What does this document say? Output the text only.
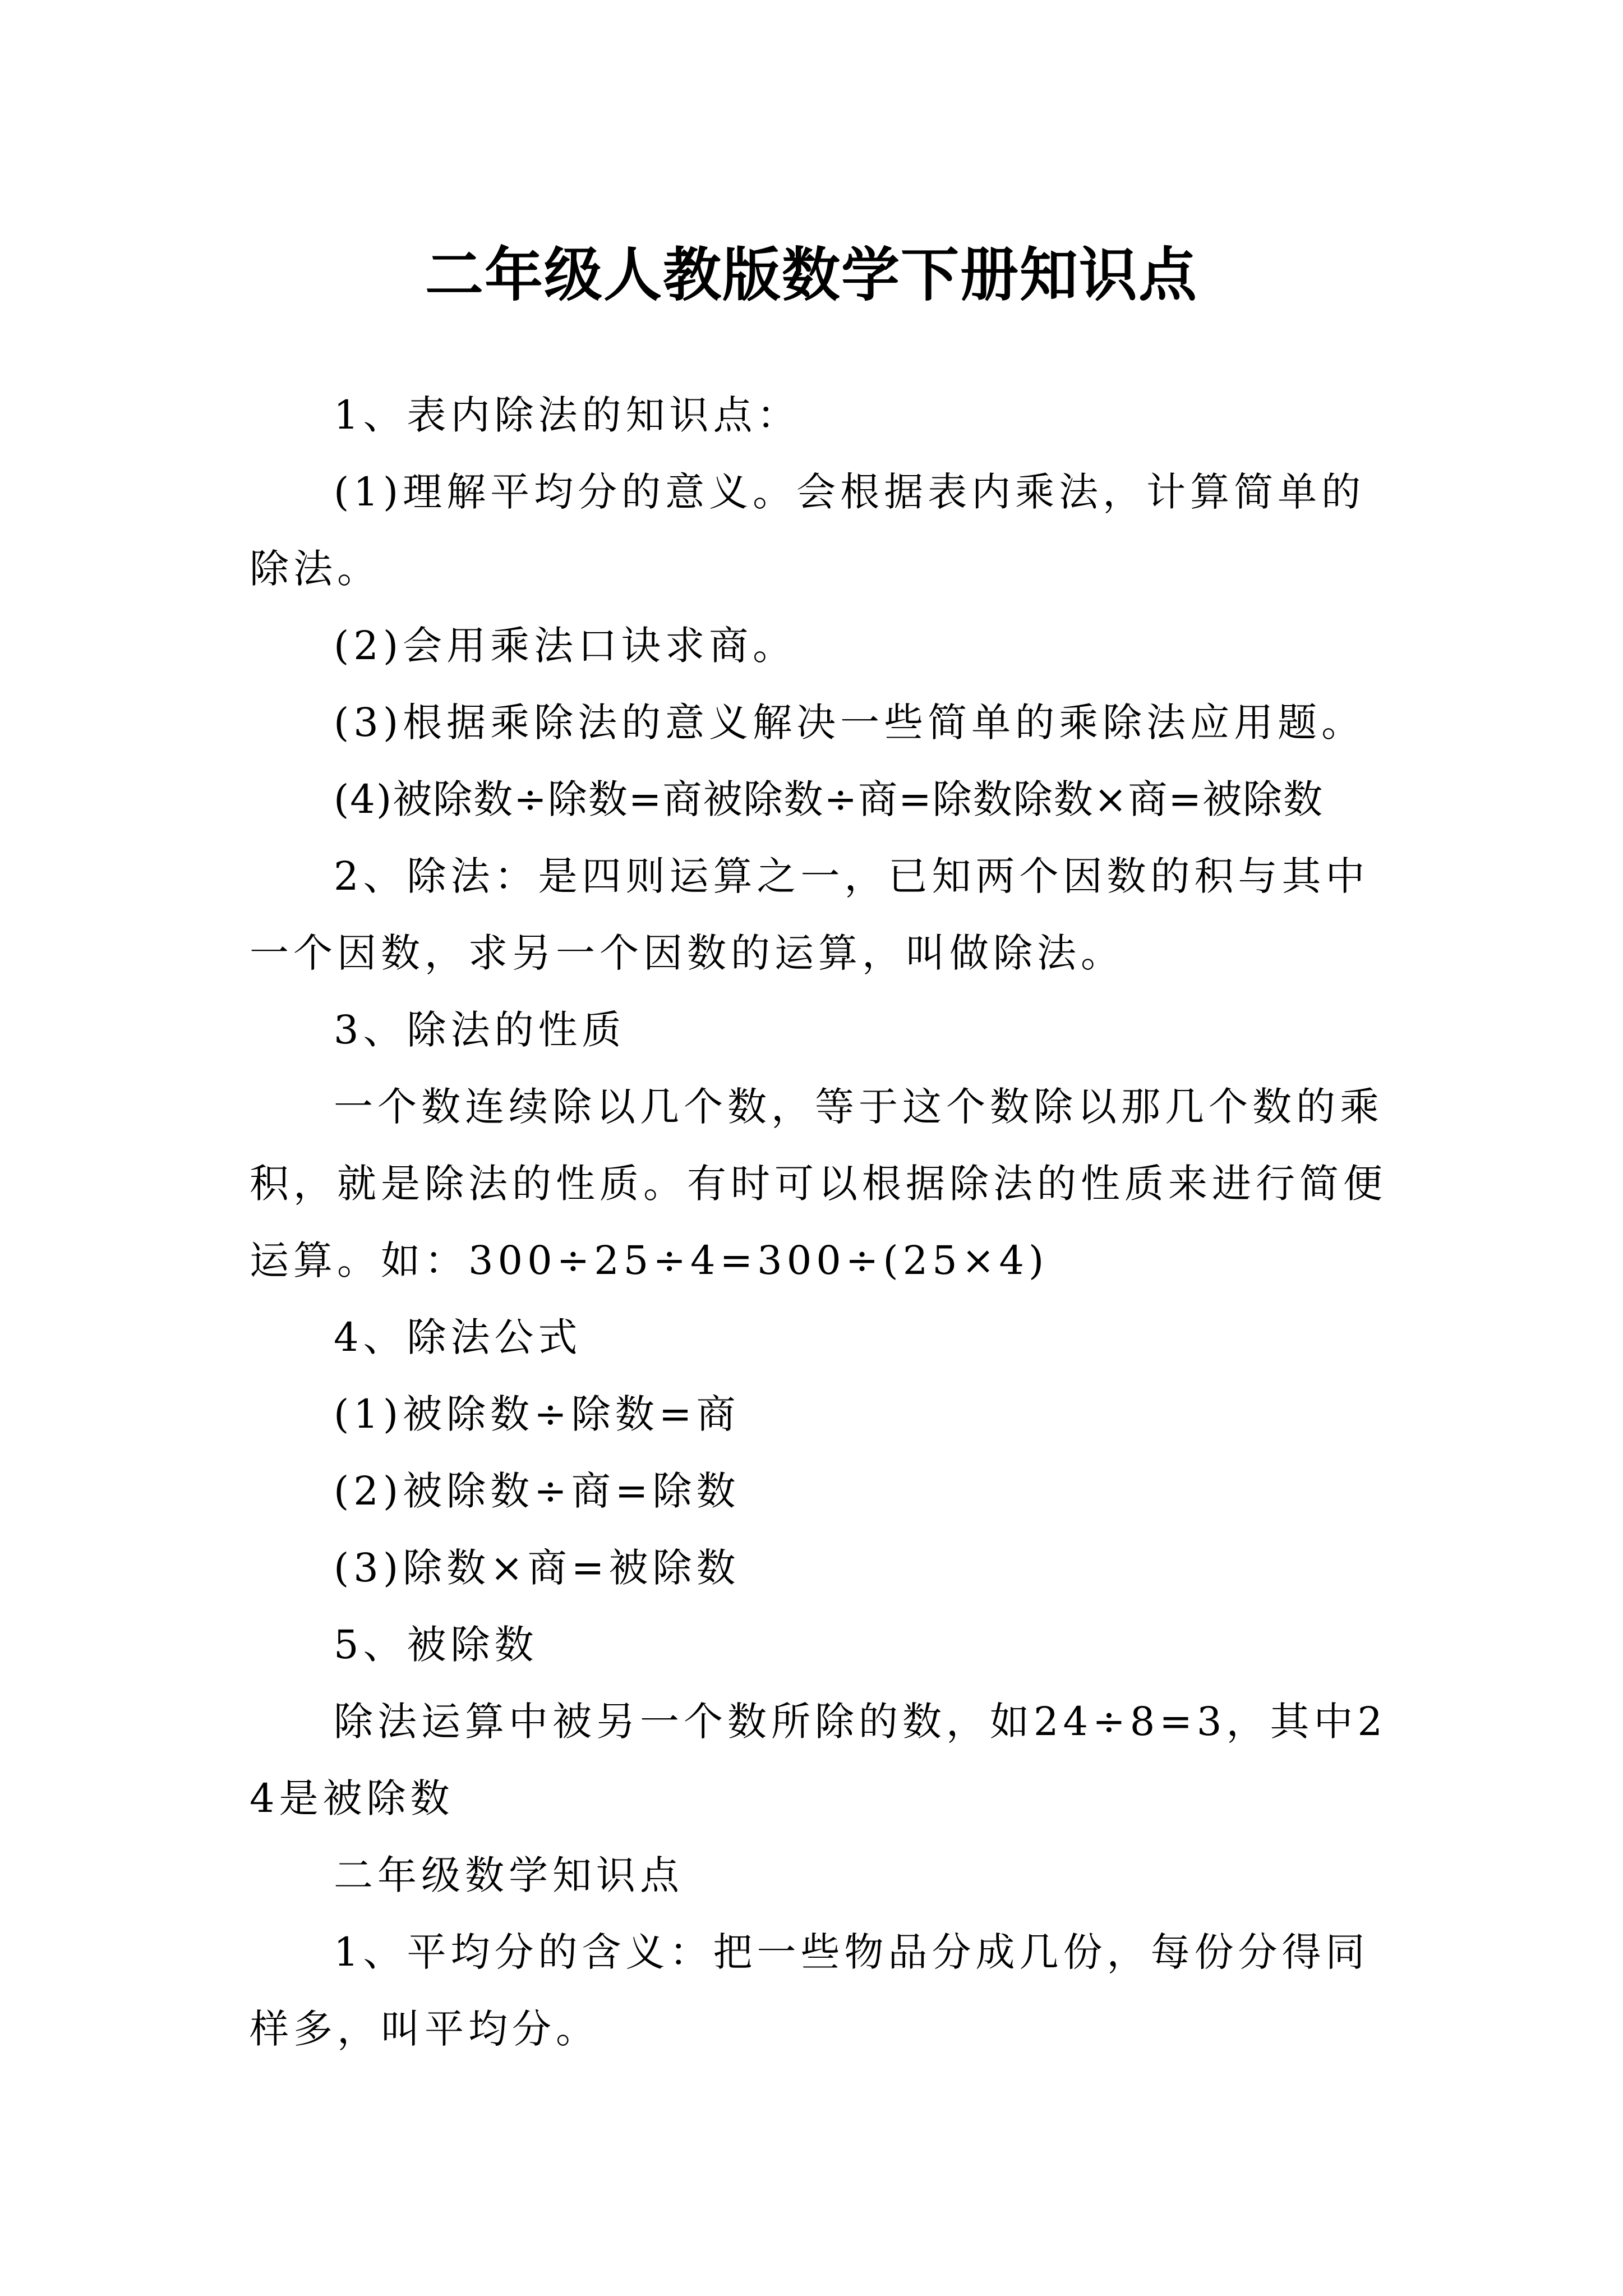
二年级人教版数学下册知识点

1、表内除法的知识点：

(1)理解平均分的意义。会根据表内乘法，计算简单的除法。

(2)会用乘法口诀求商。

(3)根据乘除法的意义解决一些简单的乘除法应用题。

(4)被除数÷除数=商被除数÷商=除数除数×商=被除数

2、除法：是四则运算之一，已知两个因数的积与其中一个因数，求另一个因数的运算，叫做除法。

3、除法的性质

一个数连续除以几个数，等于这个数除以那几个数的乘积，就是除法的性质。有时可以根据除法的性质来进行简便运算。如：300÷25÷4=300÷(25×4)

4、除法公式

(1)被除数÷除数=商

(2)被除数÷商=除数

(3)除数×商=被除数

5、被除数

除法运算中被另一个数所除的数，如24÷8=3，其中24是被除数

二年级数学知识点

1、平均分的含义：把一些物品分成几份，每份分得同样多，叫平均分。
